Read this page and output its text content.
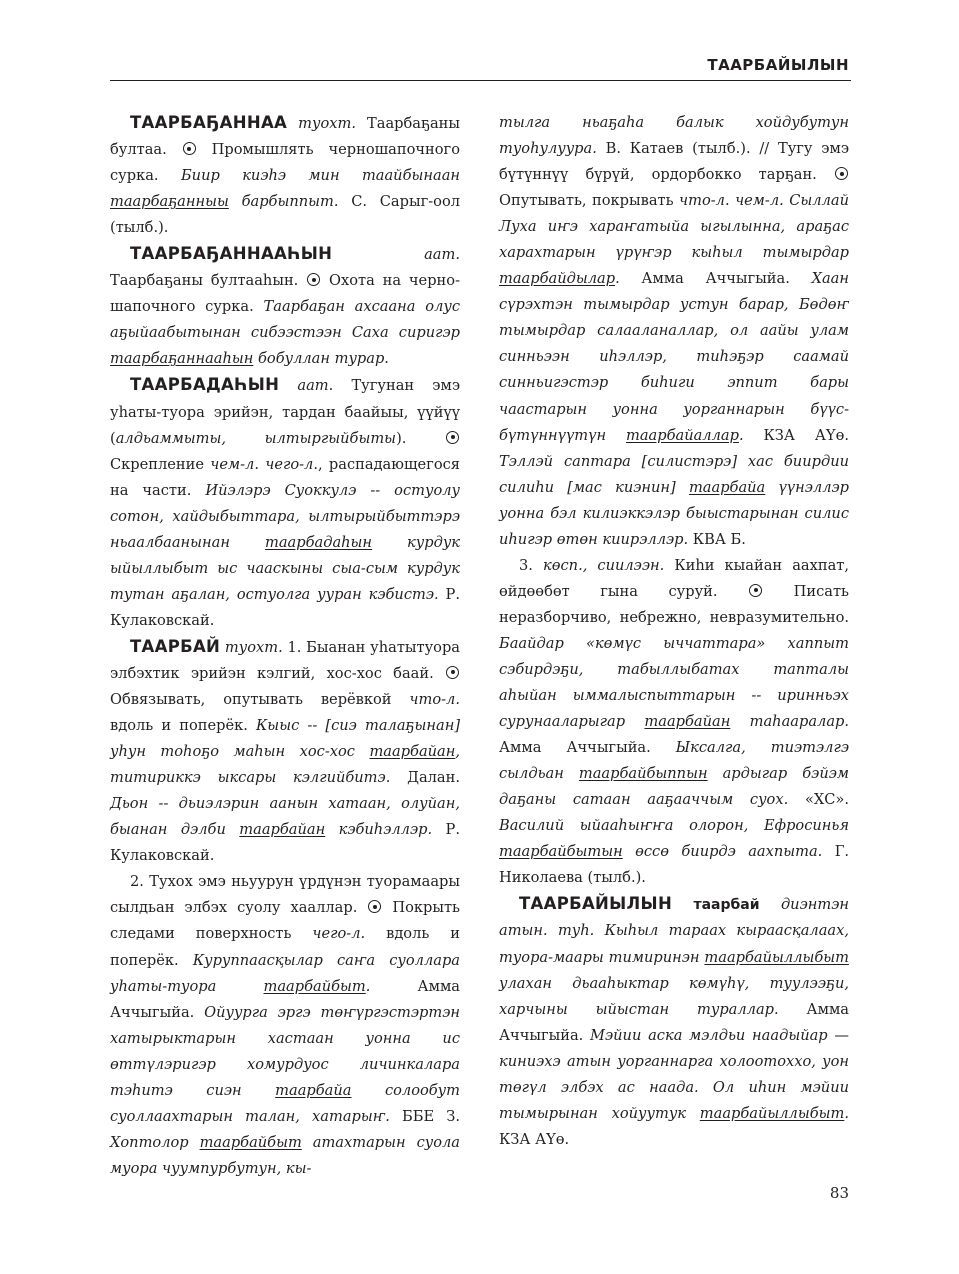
ТААРБАЙЫЛЫН

ТААРБАҔАННАА туохт. Таарбаҕаны бултаа.  Промышлять черношапочного сурка. Биир киэһэ мин таайбынаан таарбаҕанныы барбыппыт. С. Сарыг-оол (тылб.).

ТААРБАҔАННААҺЫН	аат. Таарбаҕаны бултааһын.  Охота на черношапочного сурка. Таарбаҕан ахсаана олус аҕыйаабытынан сибээстээн Саха сиригэр таарбаҕаннааһын бобуллан турар.

ТААРБАДАҺЫН аат. Тугунан эмэ уһаты-туора эрийэн, тардан баайыы, үүйүү (алдьаммыты, ылтыргыйбыты).  Скрепление чем-л. чего-л., распадающегося на части. Ийэлэрэ Суоккулэ -- остуолу сотон, хайдыбыттара, ылтырыйбыттэрэ ньаалбаанынан таарбадаһын курдук ыйыллыбыт ыс чааскыны сыа-сым курдук тутан аҕалан, остуолга ууран кэбистэ. Р. Кулаковскай.

ТААРБАЙ туохт. 1. Быанан уһатытуора элбэхтик эрийэн кэлгий, хос-хос баай.  Обвязывать, опутывать верёвкой что-л. вдоль и поперёк. Кыыс -- [сиэ талаҕынан] уһун тоһоҕо маһын хос-хос таарбайан, титириккэ ыксары кэлгийбитэ. Далан. Дьон -- дьиэлэрин аанын хатаан, олуйан, быанан дэлби таарбайан кэбиһэллэр. Р. Кулаковскай.

2. Тухох эмэ ньуурун үрдүнэн туорамаары сылдьан элбэх суолу хааллар.  Покрыть следами поверхность чего-л. вдоль и поперёк. Куруппаасқылар саҥа суоллара уһаты-туора таарбайбыт. Амма Аччыгыйа. Ойуурга эргэ төҥүргэстэртэн хатырыктарын хастаан уонна ис өттүлэригэр хомурдуос личинкалара тэһитэ сиэн таарбайа солообут суоллаахтарын талан, хатарыҥ. ББЕ З. Хоптолор таарбайбыт атахтарын суола муора чуумпурбутун, кы-

тылга ньаҕаһа балык хойдубутун туоһулуура. В. Катаев (тылб.). // Тугу эмэ бүтүннүү бүрүй, ордорбокко тарҕан.  Опутывать, покрывать что-л. чем-л. Сыллай Луха иҥэ хараҥатыйа ыгылынна, араҕас харахтарын үрүҥэр кыһыл тымырдар таарбайдылар. Амма Аччыгыйа. Хаан сүрэхтэн тымырдар устун барар, Бөдөҥ тымырдар салааланаллар, ол аайы улам синньээн иһэллэр, тиһэҕэр саамай синньигэстэр биһиги эппит бары чаастарын уонна уорганнарын бүүсбүтүннүүтүн таарбайаллар. КЗА АҮө. Тэллэй саптара [силистэрэ] хас биирдии силиһи [мас киэнин] таарбайа үүнэллэр уонна бэл килиэккэлэр быыстарынан силис иһигэр өтөн киирэллэр. КВА Б.

3. көсп., сиилээн. Киһи кыайан аахпат, өйдөөбөт гына суруй.  Писать неразборчиво, небрежно, невразумительно. Баайдар «көмүс ыччаттара» хаппыт сэбирдэҕи, табыллыбатах таптaлы аһыйан ыммалыспыттарын -- иринньэх сурунааларыгар таарбайан таһааралар. Амма Аччыгыйа. Ыксалга, тиэтэлгэ сылдьан таарбайбыппын ардыгар бэйэм даҕаны сатаан ааҕааччым суох. «ХС». Василий ыйааһыҥҥа олорон, Ефросинья таарбайбытын өссө биирдэ аахпыта. Г. Николаева (тылб.).

ТААРБАЙЫЛЫН таарбай диэнтэн атын. туһ. Кыһыл тараах кыраасқалаах, туора-маары тимиринэн таарбайыллыбыт улахан дьааһыктар көмүһү, туулээҕи, харчыны ыйыстан тураллар. Амма Аччыгыйа. Мэйии аска мэлдьи наадыйар — киниэхэ атын уорганнарга холоотоххо, уон төгүл элбэх ас наада. Ол иһин мэйии тымырынан хойуутук таарбайыллыбыт. КЗА АҮө.

83
